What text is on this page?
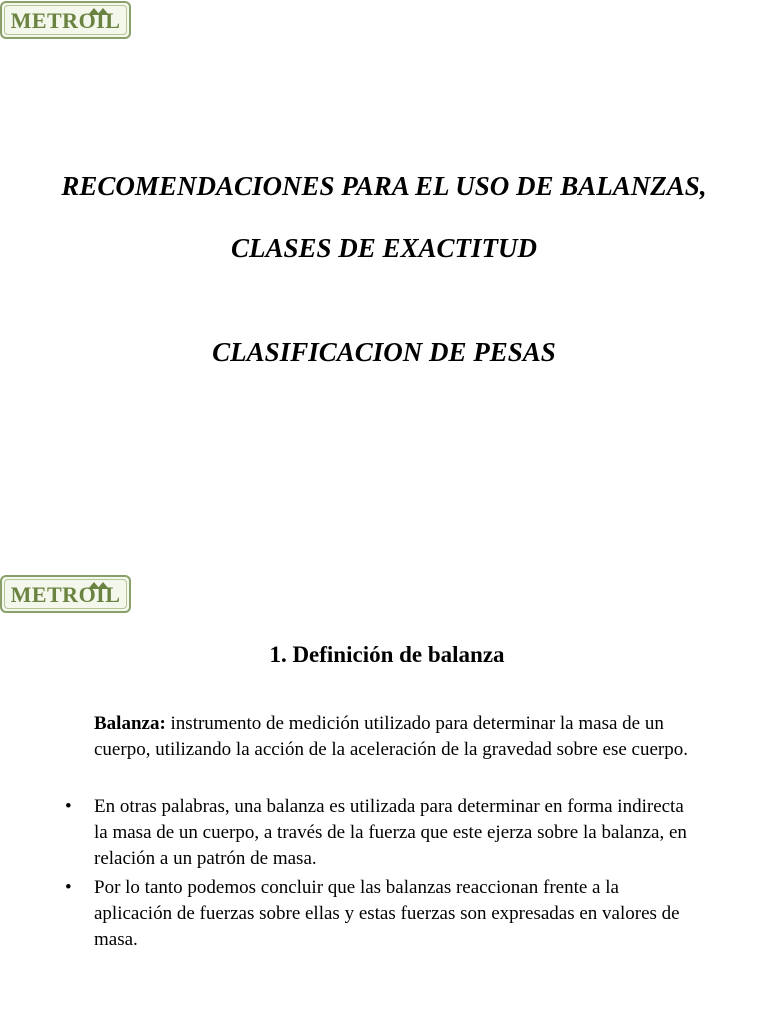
METROIL
RECOMENDACIONES PARA EL USO DE BALANZAS,
CLASES DE EXACTITUD
CLASIFICACION DE PESAS
METROIL
1. Definición de balanza
Balanza: instrumento de medición utilizado para determinar la masa de un cuerpo, utilizando la acción de la aceleración de la gravedad sobre ese cuerpo.
• En otras palabras, una balanza es utilizada para determinar en forma indirecta la masa de un cuerpo, a través de la fuerza que este ejerza sobre la balanza, en relación a un patrón de masa.
• Por lo tanto podemos concluir que las balanzas reaccionan frente a la aplicación de fuerzas sobre ellas y estas fuerzas son expresadas en valores de masa.
